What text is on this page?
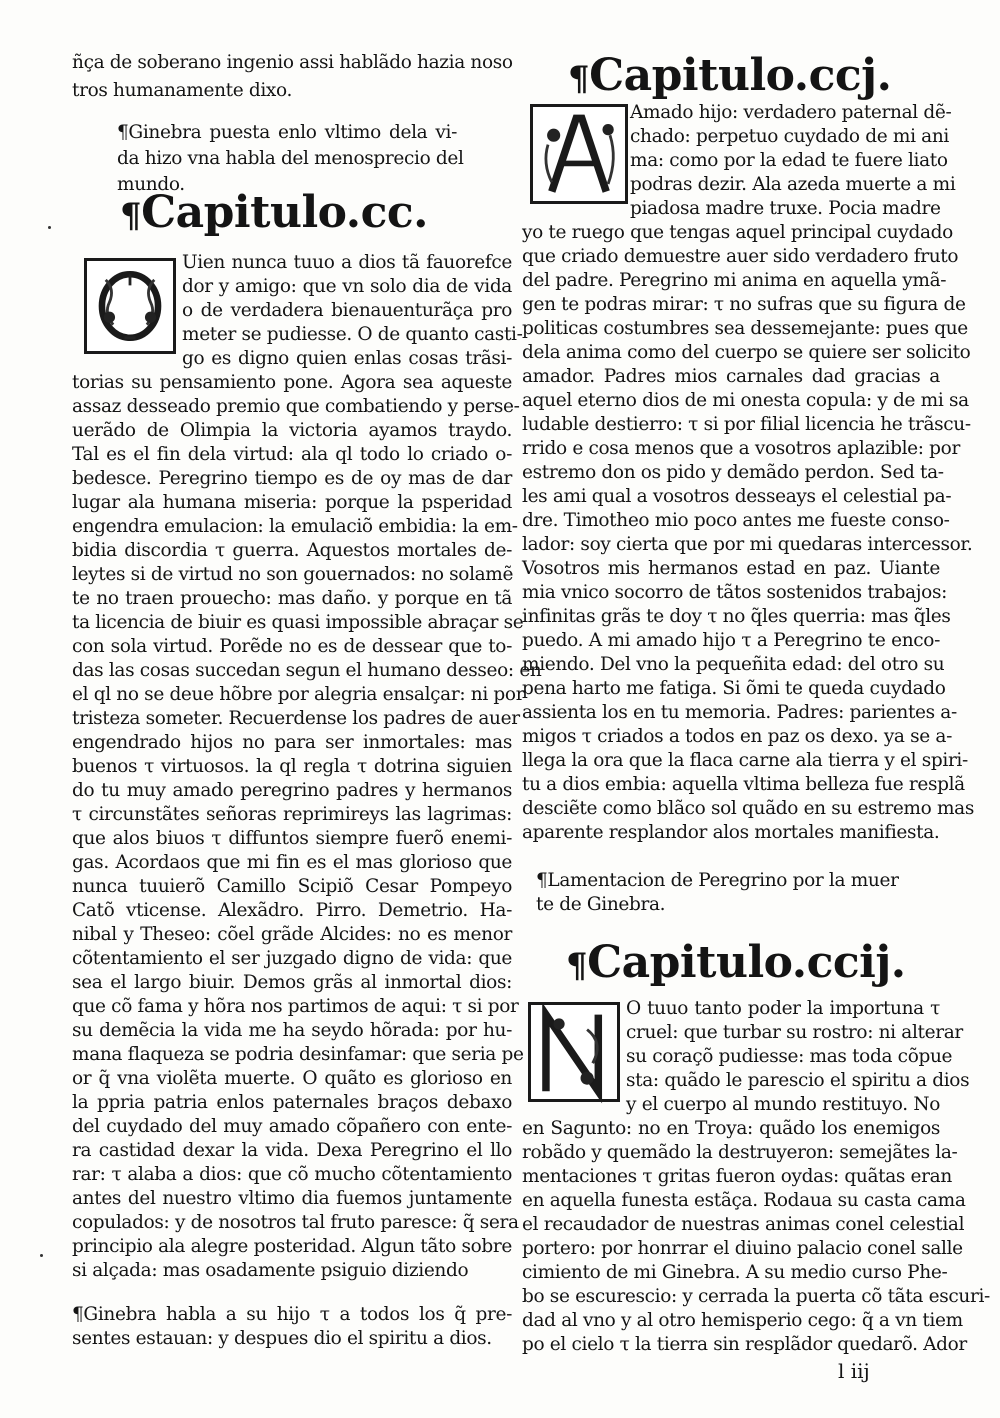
ñça de soberano ingenio assi hablãdo hazia noso
tros humanamente dixo.
¶Ginebra puesta enlo vltimo dela vi-
da hizo vna habla del menosprecio del
mundo.
¶Capitulo.cc.
Uien nunca tuuo a dios tã fauorefce
dor y amigo: que vn solo dia de vida
o de verdadera bienauenturãça pro
meter se pudiesse. O de quanto casti-
go es digno quien enlas cosas trãsi-
torias su pensamiento pone. Agora sea aqueste
assaz desseado premio que combatiendo y perse-
uerãdo de Olimpia la victoria ayamos traydo.
Tal es el fin dela virtud: ala ql todo lo criado o-
bedesce. Peregrino tiempo es de oy mas de dar
lugar ala humana miseria: porque la psperidad
engendra emulacion: la emulaciõ embidia: la em-
bidia discordia τ guerra. Aquestos mortales de-
leytes si de virtud no son gouernados: no solamẽ
te no traen prouecho: mas daño. y porque en tã
ta licencia de biuir es quasi impossible abraçar se
con sola virtud. Porẽde no es de dessear que to-
das las cosas succedan segun el humano desseo: en
el ql no se deue hõbre por alegria ensalçar: ni por
tristeza someter. Recuerdense los padres de auer
engendrado hijos no para ser inmortales: mas
buenos τ virtuosos. la ql regla τ dotrina siguien
do tu muy amado peregrino padres y hermanos
τ circunstãtes señoras reprimireys las lagrimas:
que alos biuos τ diffuntos siempre fuerõ enemi-
gas. Acordaos que mi fin es el mas glorioso que
nunca tuuierõ Camillo Scipiõ Cesar Pompeyo
Catõ vticense. Alexãdro. Pirro. Demetrio. Ha-
nibal y Theseo: cõel grãde Alcides: no es menor
cõtentamiento el ser juzgado digno de vida: que
sea el largo biuir. Demos grãs al inmortal dios:
que cõ fama y hõra nos partimos de aqui: τ si por
su demẽcia la vida me ha seydo hõrada: por hu-
mana flaqueza se podria desinfamar: que seria pe
or q̃ vna violẽta muerte. O quãto es glorioso en
la ppria patria enlos paternales braços debaxo
del cuydado del muy amado cõpañero con ente-
ra castidad dexar la vida. Dexa Peregrino el llo
rar: τ alaba a dios: que cõ mucho cõtentamiento
antes del nuestro vltimo dia fuemos juntamente
copulados: y de nosotros tal fruto paresce: q̃ sera
principio ala alegre posteridad. Algun tãto sobre
si alçada: mas osadamente psiguio diziendo
¶Ginebra habla a su hijo τ a todos los q̃ pre-
sentes estauan: y despues dio el spiritu a dios.
¶Capitulo.ccj.
Amado hijo: verdadero paternal dẽ-
chado: perpetuo cuydado de mi ani
ma: como por la edad te fuere liato
podras dezir. Ala azeda muerte a mi
piadosa madre truxe. Pocia madre
yo te ruego que tengas aquel principal cuydado
que criado demuestre auer sido verdadero fruto
del padre. Peregrino mi anima en aquella ymã-
gen te podras mirar: τ no sufras que su figura de
politicas costumbres sea dessemejante: pues que
dela anima como del cuerpo se quiere ser solicito
amador. Padres mios carnales dad gracias a
aquel eterno dios de mi onesta copula: y de mi sa
ludable destierro: τ si por filial licencia he trãscu-
rrido e cosa menos que a vosotros aplazible: por
estremo don os pido y demãdo perdon. Sed ta-
les ami qual a vosotros desseays el celestial pa-
dre. Timotheo mio poco antes me fueste conso-
lador: soy cierta que por mi quedaras intercessor.
Vosotros mis hermanos estad en paz. Uiante
mia vnico socorro de tãtos sostenidos trabajos:
infinitas grãs te doy τ no q̃les querria: mas q̃les
puedo. A mi amado hijo τ a Peregrino te enco-
miendo. Del vno la pequeñita edad: del otro su
pena harto me fatiga. Si õmi te queda cuydado
assienta los en tu memoria. Padres: parientes a-
migos τ criados a todos en paz os dexo. ya se a-
llega la ora que la flaca carne ala tierra y el spiri-
tu a dios embia: aquella vltima belleza fue resplã
desciẽte como blãco sol quãdo en su estremo mas
aparente resplandor alos mortales manifiesta.
¶Lamentacion de Peregrino por la muer
te de Ginebra.
¶Capitulo.ccij.
O tuuo tanto poder la importuna τ
cruel: que turbar su rostro: ni alterar
su coraçõ pudiesse: mas toda cõpue
sta: quãdo le parescio el spiritu a dios
y el cuerpo al mundo restituyo. No
en Sagunto: no en Troya: quãdo los enemigos
robãdo y quemãdo la destruyeron: semejãtes la-
mentaciones τ gritas fueron oydas: quãtas eran
en aquella funesta estãça. Rodaua su casta cama
el recaudador de nuestras animas conel celestial
portero: por honrrar el diuino palacio conel salle
cimiento de mi Ginebra. A su medio curso Phe-
bo se escurescio: y cerrada la puerta cõ tãta escuri-
dad al vno y al otro hemisperio cego: q̃ a vn tiem
po el cielo τ la tierra sin resplãdor quedarõ. Ador
l iij
